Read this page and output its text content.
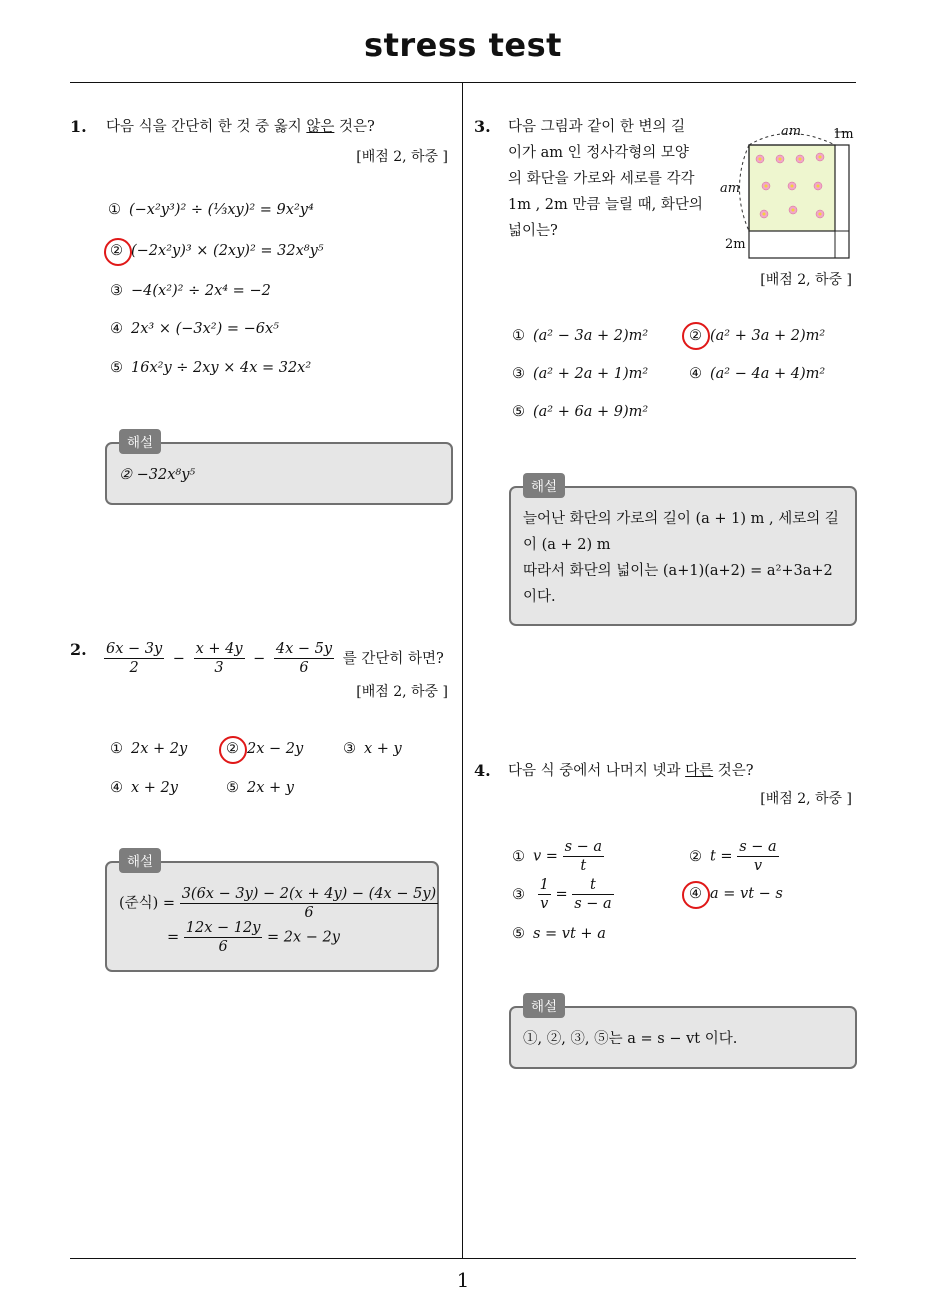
stress test
1
1. 다음 식을 간단히 한 것 중 옳지 않은 것은?
[배점 2, 하중 ]
① (−x²y³)² ÷ (⅓xy)² = 9x²y⁴
② (−2x²y)³ × (2xy)² = 32x⁸y⁵
③ −4(x²)² ÷ 2x⁴ = −2
④ 2x³ × (−3x²) = −6x⁵
⑤ 16x²y ÷ 2xy × 4x = 32x²
② −32x⁸y⁵
해설
2. $\frac{6x - 3y}{2} - \frac{x + 4y}{3} - \frac{4x - 5y}{6}$ 를 간단히 하면?
[배점 2, 하중 ]
① 2x + 2y	② 2x − 2y	③ x + y
④ x + 2y	⑤ 2x + y
(준식) = $\frac{3(6x - 3y) - 2(x + 4y) - (4x - 5y)}{6}$
= $\frac{12x - 12y}{6} = 2x - 2y$
해설
3. 다음 그림과 같이 한 변의 길
이가 am 인 정사각형의 모양
의 화단을 가로와 세로를 각각
1m , 2m 만큼 늘릴 때, 화단의
넓이는?
am 1m
am
2m
[배점 2, 하중 ]
① (a² − 3a + 2)m²	② (a² + 3a + 2)m²
③ (a² + 2a + 1)m²	④ (a² − 4a + 4)m²
⑤ (a² + 6a + 9)m²
늘어난 화단의 가로의 길이 (a + 1) m , 세로의 길
이 (a + 2) m
따라서 화단의 넓이는 (a+1)(a+2) = a²+3a+2
이다.
해설
4. 다음 식 중에서 나머지 넷과 다른 것은?
[배점 2, 하중 ]
① $v = \frac{s - a}{t}$	② $t = \frac{s - a}{v}$
③ $\frac{1}{v} = \frac{t}{s - a}$	④ a = vt − s
⑤ s = vt + a
①, ②, ③, ⑤는 a = s − vt 이다.
해설
